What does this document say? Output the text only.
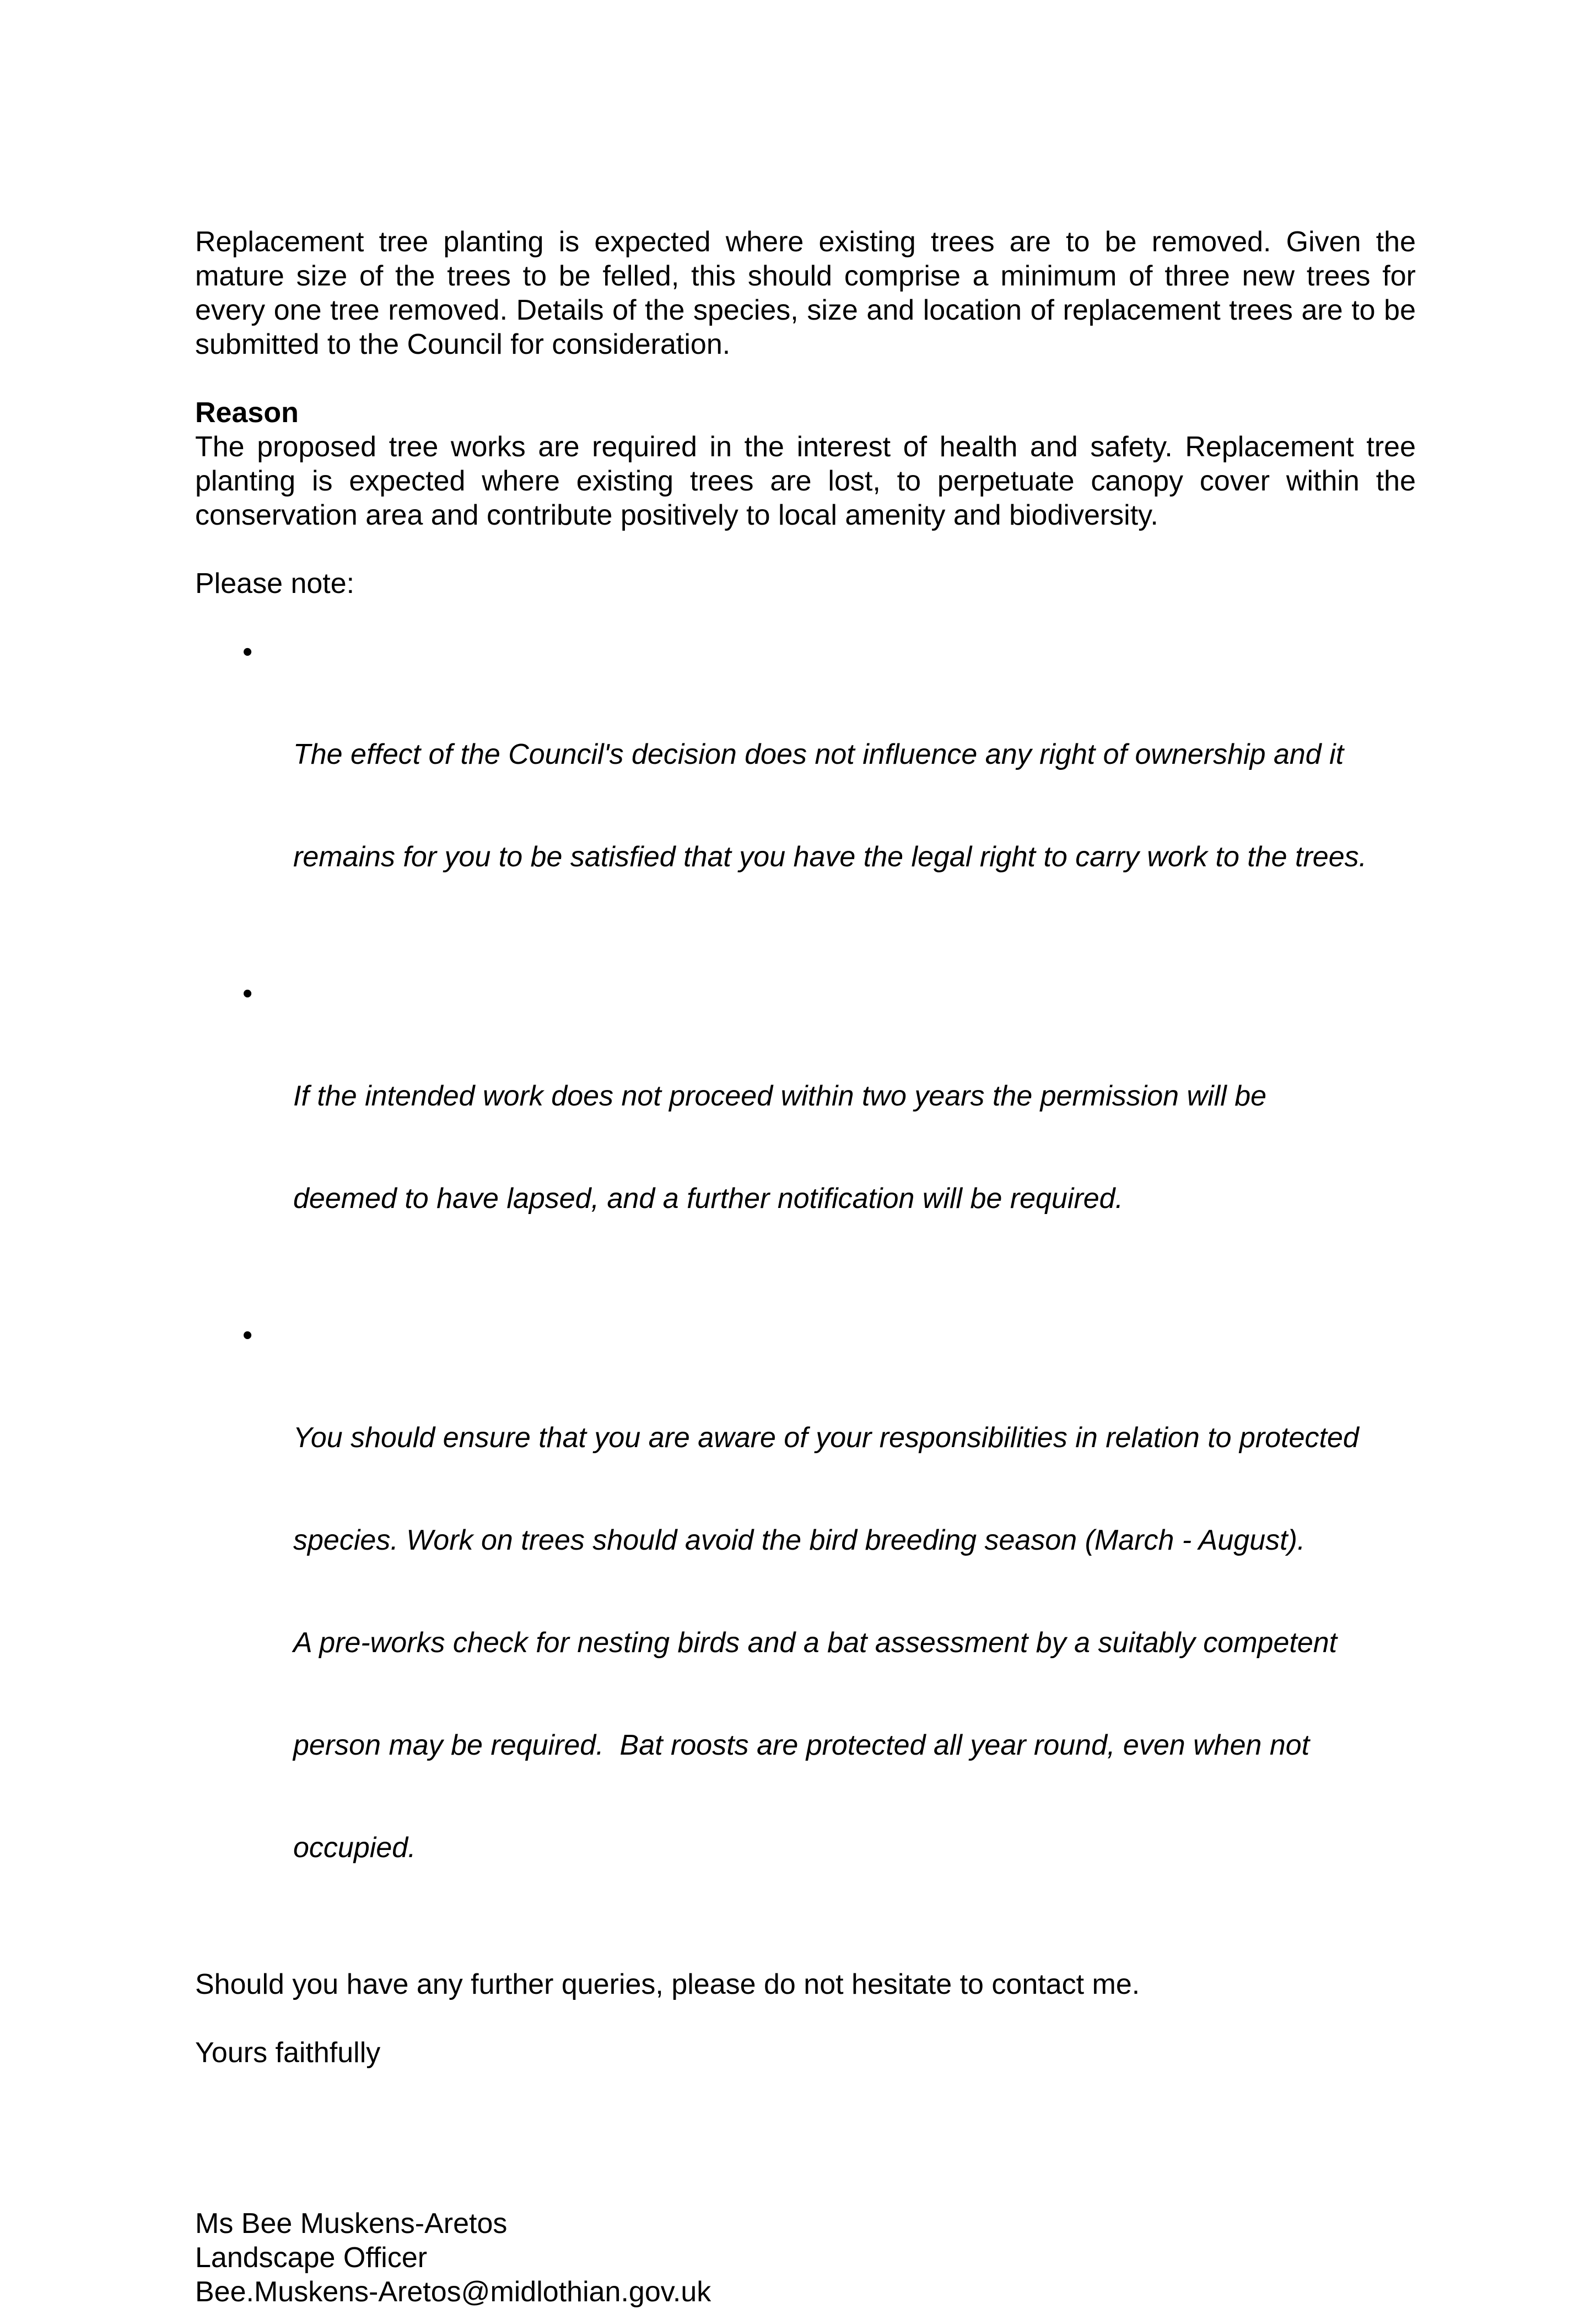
Replacement tree planting is expected where existing trees are to be removed. Given the mature size of the trees to be felled, this should comprise a minimum of three new trees for every one tree removed. Details of the species, size and location of replacement trees are to be submitted to the Council for consideration.

Reason

The proposed tree works are required in the interest of health and safety. Replacement tree planting is expected where existing trees are lost, to perpetuate canopy cover within the conservation area and contribute positively to local amenity and biodiversity.

Please note:

•

The effect of the Council's decision does not influence any right of ownership and it

remains for you to be satisfied that you have the legal right to carry work to the trees.

•

If the intended work does not proceed within two years the permission will be

deemed to have lapsed, and a further notification will be required.

•

You should ensure that you are aware of your responsibilities in relation to protected

species. Work on trees should avoid the bird breeding season (March - August).

A pre-works check for nesting birds and a bat assessment by a suitably competent

person may be required.  Bat roosts are protected all year round, even when not

occupied.

Should you have any further queries, please do not hesitate to contact me.

Yours faithfully

Ms Bee Muskens-Aretos
Landscape Officer
Bee.Muskens-Aretos@midlothian.gov.uk
